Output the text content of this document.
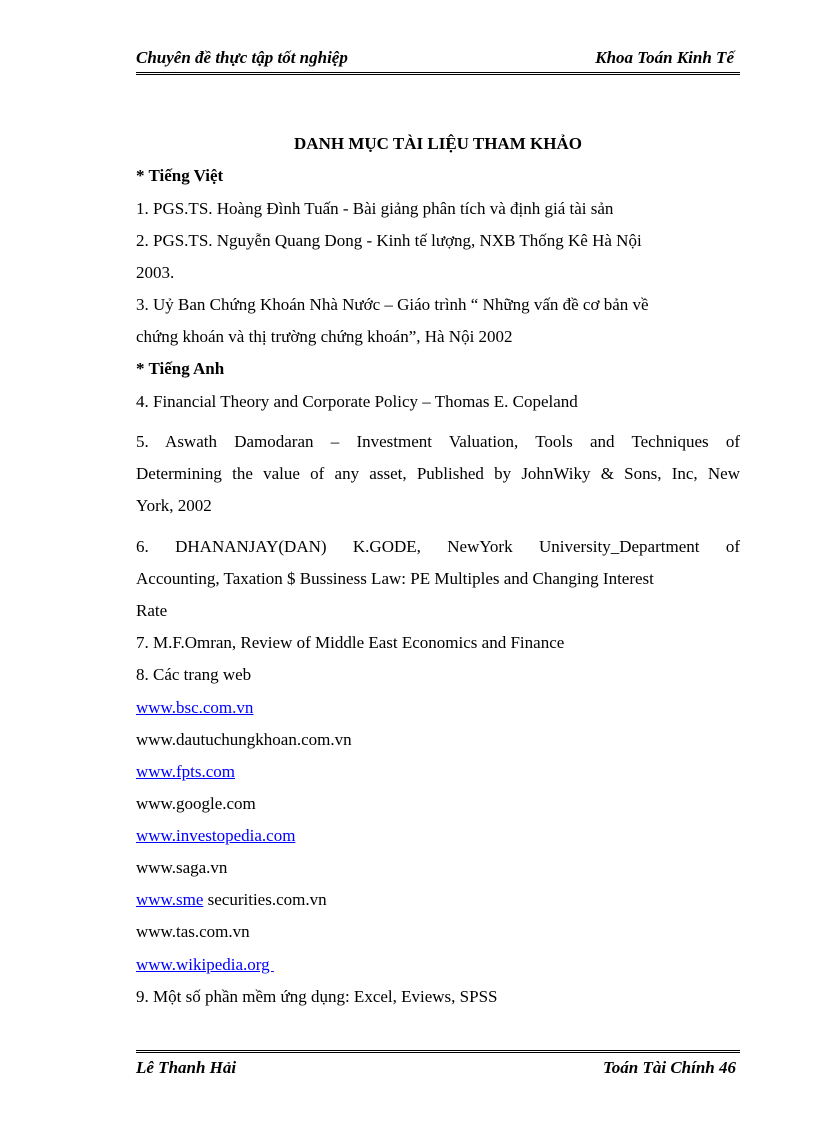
Chuyên đề thực tập tốt nghiệp	Khoa Toán Kinh Tế
DANH MỤC TÀI LIỆU THAM KHẢO
* Tiếng Việt
1. PGS.TS. Hoàng Đình Tuấn - Bài giảng phân tích và định giá tài sản
2. PGS.TS. Nguyễn Quang Dong - Kinh tế lượng, NXB Thống Kê Hà Nội
2003.
3. Uỷ Ban Chứng Khoán Nhà Nước – Giáo trình “ Những vấn đề cơ bản về
chứng khoán và thị trường chứng khoán”, Hà Nội 2002
* Tiếng Anh
4. Financial Theory and Corporate Policy – Thomas E. Copeland
5. Aswath Damodaran – Investment Valuation, Tools and Techniques of
Determining the value of any asset, Published by JohnWiky & Sons, Inc, New
York, 2002
6. DHANANJAY(DAN) K.GODE, NewYork University_Department of
Accounting, Taxation $ Bussiness Law: PE Multiples and Changing Interest
Rate
7. M.F.Omran, Review of Middle East Economics and Finance
8. Các trang web
www.bsc.com.vn
www.dautuchungkhoan.com.vn
www.fpts.com
www.google.com
www.investopedia.com
www.saga.vn
www.sme securities.com.vn
www.tas.com.vn
www.wikipedia.org
9. Một số phần mềm ứng dụng: Excel, Eviews, SPSS
Lê Thanh Hải	Toán Tài Chính 46
